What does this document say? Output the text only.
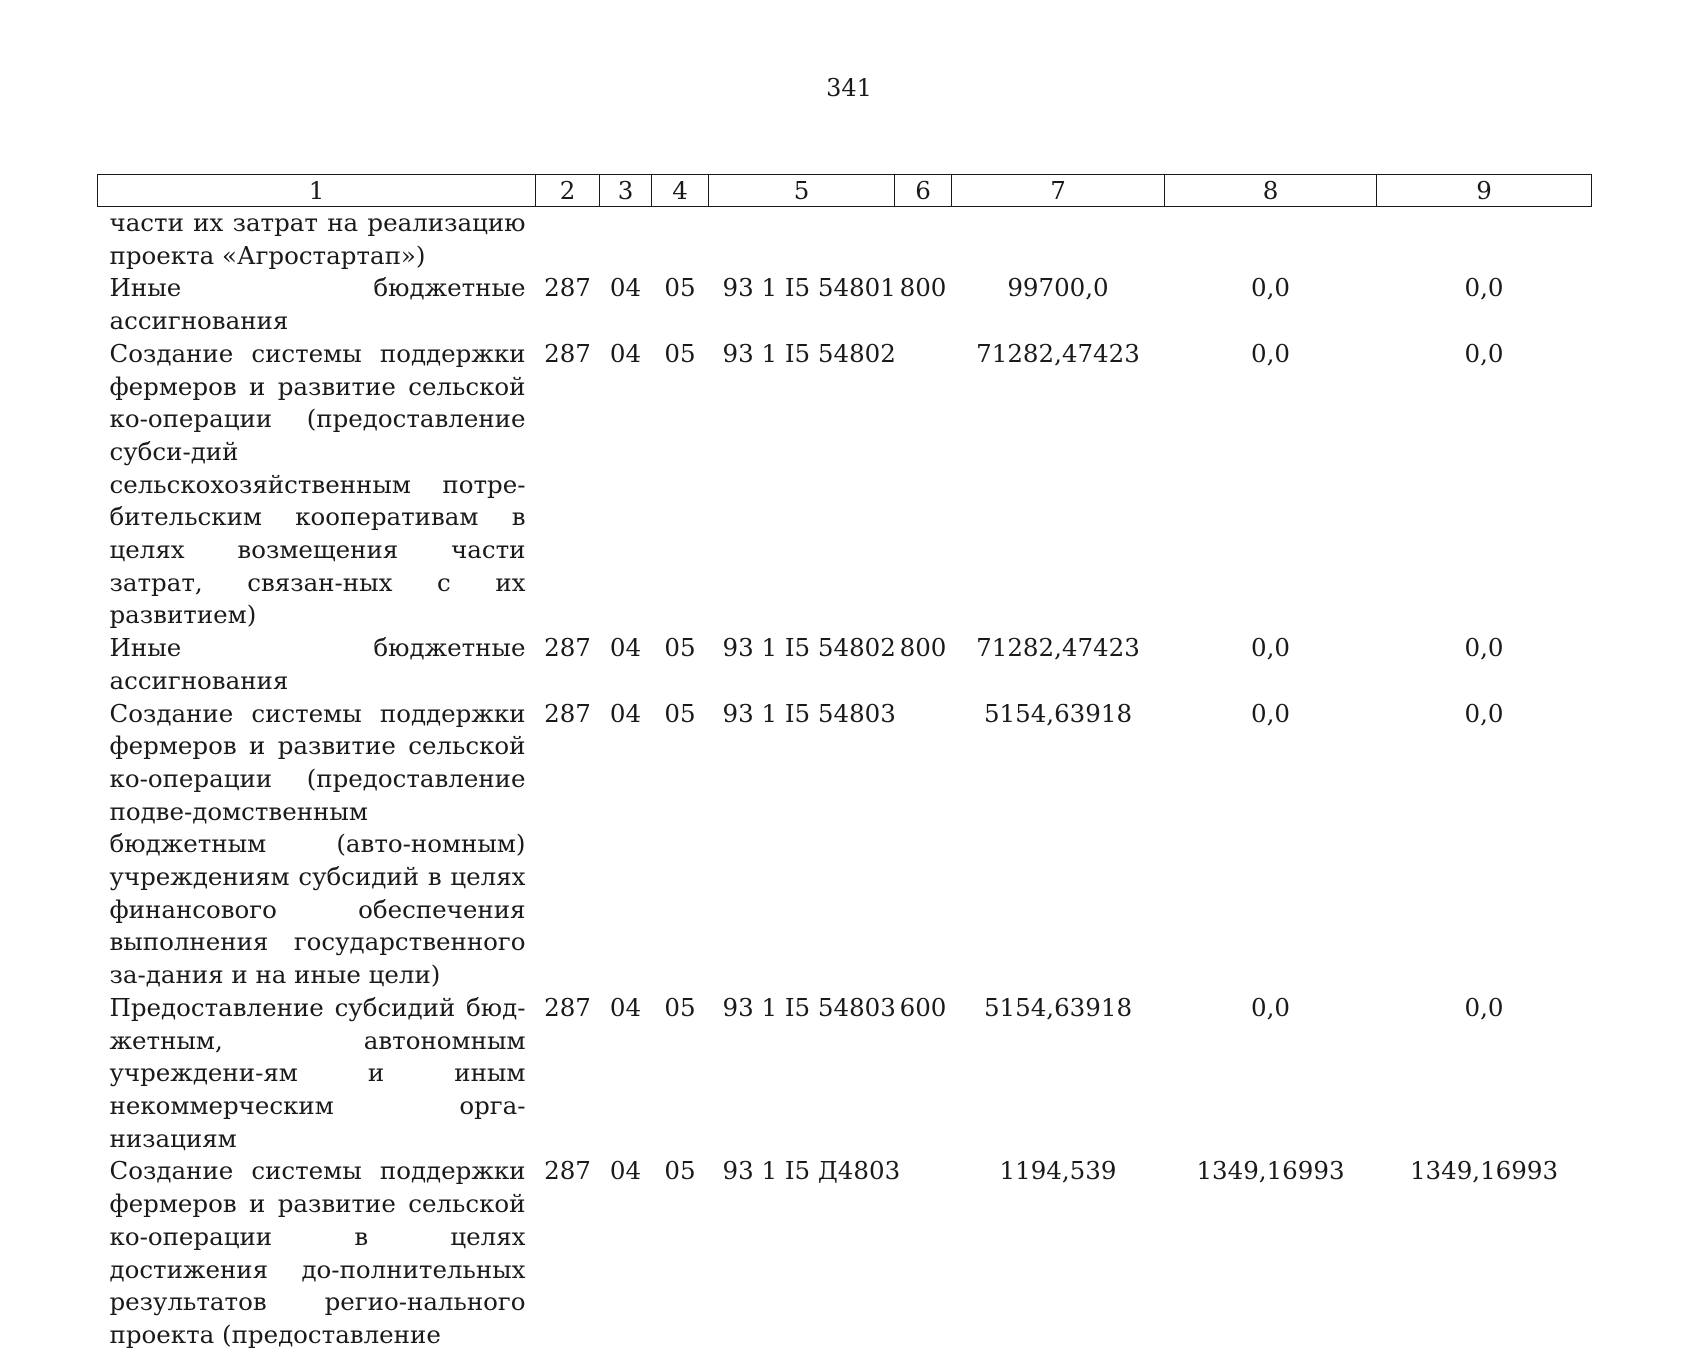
341
1	2	3	4	5	6	7	8	9
части их затрат на реализацию проекта «Агростартап»)								
Иные бюджетные ассигнования	287	04	05	93 1 I5 54801	800	99700,0	0,0	0,0
Создание системы поддержки фермеров и развитие сельской ко-операции (предоставление субси-дий сельскохозяйственным потре-бительским кооперативам в целях возмещения части затрат, связан-ных с их развитием)	287	04	05	93 1 I5 54802		71282,47423	0,0	0,0
Иные бюджетные ассигнования	287	04	05	93 1 I5 54802	800	71282,47423	0,0	0,0
Создание системы поддержки фермеров и развитие сельской ко-операции (предоставление подве-домственным бюджетным (авто-номным) учреждениям субсидий в целях финансового обеспечения выполнения государственного за-дания и на иные цели)	287	04	05	93 1 I5 54803		5154,63918	0,0	0,0
Предоставление субсидий бюд-жетным, автономным учреждени-ям и иным некоммерческим орга-низациям	287	04	05	93 1 I5 54803	600	5154,63918	0,0	0,0
Создание системы поддержки фермеров и развитие сельской ко-операции в целях достижения до-полнительных результатов регио-нального проекта (предоставление	287	04	05	93 1 I5 Д4803		1194,539	1349,16993	1349,16993
